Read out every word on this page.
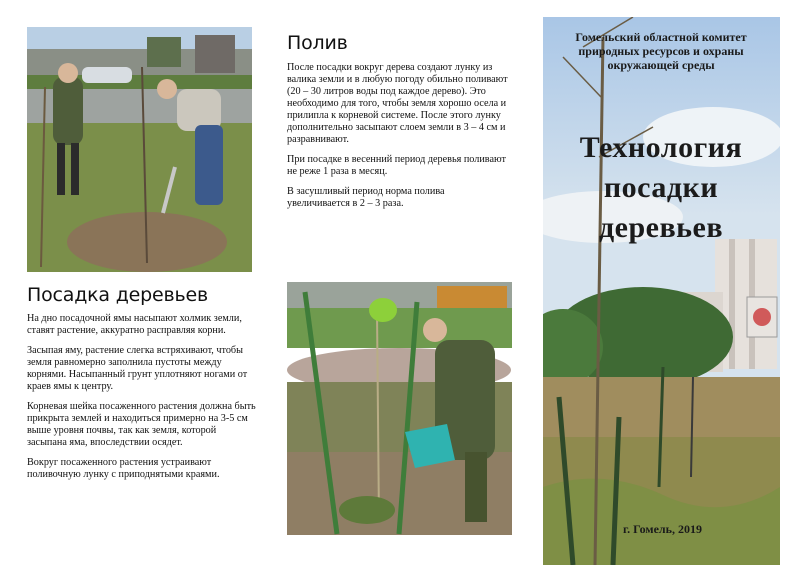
Полив

После посадки вокруг дерева создают лунку из валика земли и в любую погоду обильно поливают (20 – 30 литров воды под каждое дерево). Это необходимо для того, чтобы земля хорошо осела и прилипла к корневой системе. После этого лунку дополнительно засыпают слоем земли в 3 – 4 см и разравнивают.

При посадке в весенний период деревья поливают не реже 1 раза в месяц.

В засушливый период норма полива увеличивается в 2 – 3 раза.

Посадка деревьев

На дно посадочной ямы насыпают холмик земли, ставят растение, аккуратно расправляя корни.

Засыпая яму, растение слегка встряхивают, чтобы земля равномерно заполнила пустоты между корнями. Насыпанный грунт уплотняют ногами от краев ямы к центру.

Корневая шейка посаженного растения должна быть прикрыта землей и находиться примерно на 3-5 см выше уровня почвы, так как земля, которой засыпана яма, впоследствии осядет.

Вокруг посаженного растения устраивают поливочную лунку с приподнятыми краями.

Гомельский областной комитет природных ресурсов и охраны окружающей среды
Технология посадки деревьев
г. Гомель, 2019
